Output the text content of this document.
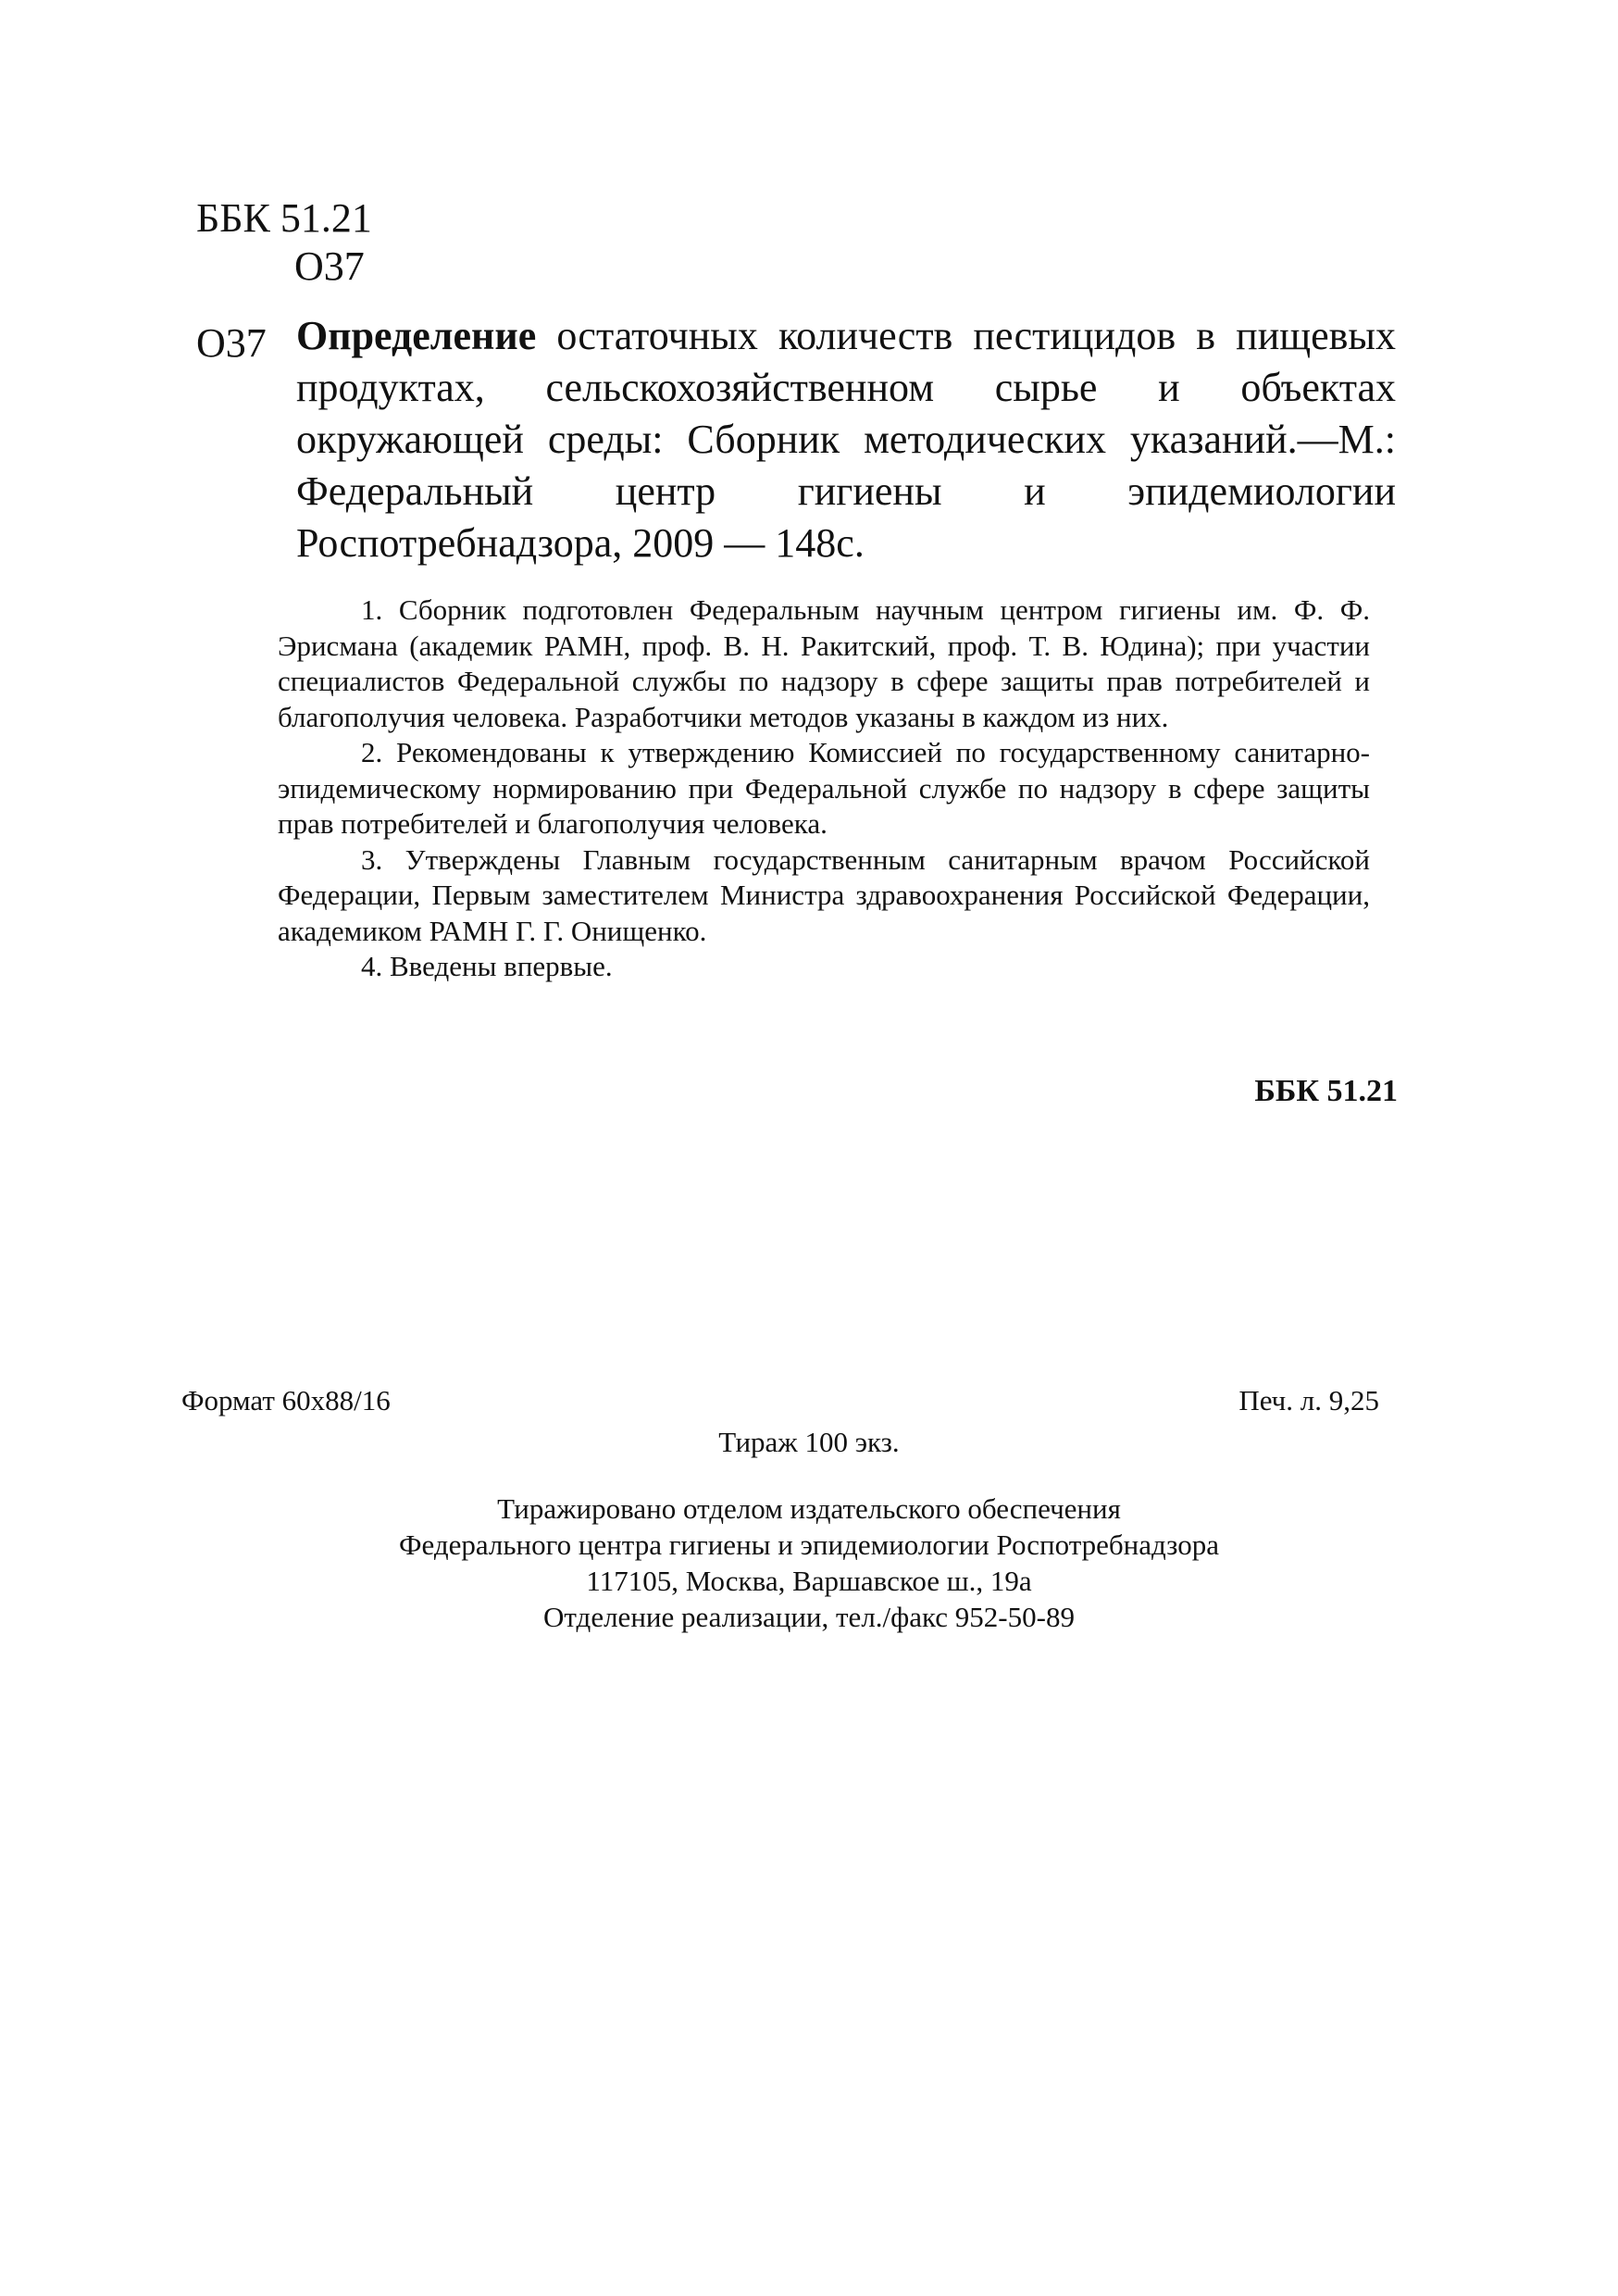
ББК 51.21
О37
О37 Определение остаточных количеств пестицидов в пищевых продуктах, сельскохозяйственном сырье и объектах окружающей среды: Сборник методических указаний.—М.: Федеральный центр гигиены и эпидемиологии Роспотребнадзора, 2009 — 148с.

1. Сборник подготовлен Федеральным научным центром гигиены им. Ф. Ф. Эрисмана (академик РАМН, проф. В. Н. Ракитский, проф. Т. В. Юдина); при участии специалистов Федеральной службы по надзору в сфере защиты прав потребителей и благополучия человека. Разработчики методов указаны в каждом из них.

2. Рекомендованы к утверждению Комиссией по государственному санитарно-эпидемическому нормированию при Федеральной службе по надзору в сфере защиты прав потребителей и благополучия человека.

3. Утверждены Главным государственным санитарным врачом Российской Федерации, Первым заместителем Министра здравоохранения Российской Федерации, академиком РАМН Г. Г. Онищенко.

4. Введены впервые.

ББК 51.21
Формат 60х88/16	Печ. л. 9,25
Тираж 100 экз.
Тиражировано отделом издательского обеспечения
Федерального центра гигиены и эпидемиологии Роспотребнадзора
117105, Москва, Варшавское ш., 19а
Отделение реализации, тел./факс 952-50-89
